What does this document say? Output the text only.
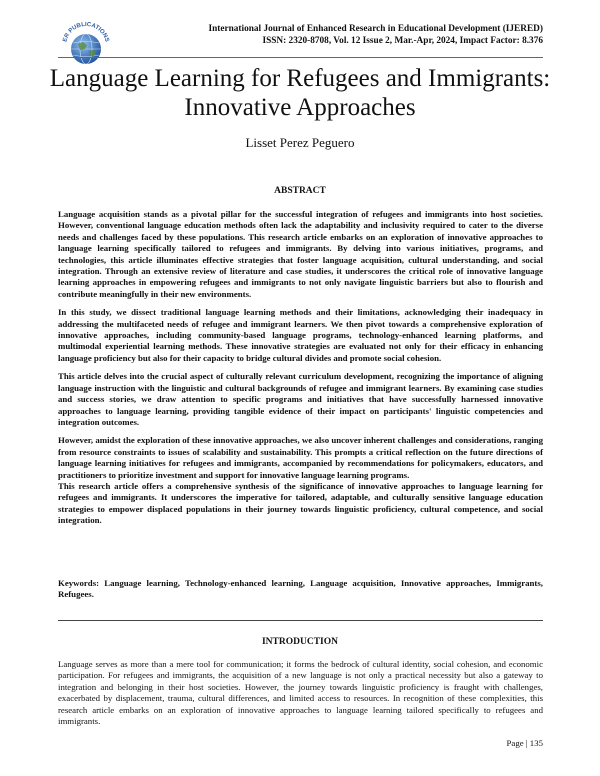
ER PUBLICATIONS
International Journal of Enhanced Research in Educational Development (IJERED)
ISSN: 2320-8708, Vol. 12 Issue 2, Mar.-Apr, 2024, Impact Factor: 8.376
Language Learning for Refugees and Immigrants:
Innovative Approaches
Lisset Perez Peguero
ABSTRACT

Language acquisition stands as a pivotal pillar for the successful integration of refugees and immigrants into host societies. However, conventional language education methods often lack the adaptability and inclusivity required to cater to the diverse needs and challenges faced by these populations. This research article embarks on an exploration of innovative approaches to language learning specifically tailored to refugees and immigrants. By delving into various initiatives, programs, and technologies, this article illuminates effective strategies that foster language acquisition, cultural understanding, and social integration. Through an extensive review of literature and case studies, it underscores the critical role of innovative language learning approaches in empowering refugees and immigrants to not only navigate linguistic barriers but also to flourish and contribute meaningfully in their new environments.

In this study, we dissect traditional language learning methods and their limitations, acknowledging their inadequacy in addressing the multifaceted needs of refugee and immigrant learners. We then pivot towards a comprehensive exploration of innovative approaches, including community-based language programs, technology-enhanced learning platforms, and multimodal experiential learning methods. These innovative strategies are evaluated not only for their efficacy in enhancing language proficiency but also for their capacity to bridge cultural divides and promote social cohesion.

This article delves into the crucial aspect of culturally relevant curriculum development, recognizing the importance of aligning language instruction with the linguistic and cultural backgrounds of refugee and immigrant learners. By examining case studies and success stories, we draw attention to specific programs and initiatives that have successfully harnessed innovative approaches to language learning, providing tangible evidence of their impact on participants' linguistic competencies and integration outcomes.

However, amidst the exploration of these innovative approaches, we also uncover inherent challenges and considerations, ranging from resource constraints to issues of scalability and sustainability. This prompts a critical reflection on the future directions of language learning initiatives for refugees and immigrants, accompanied by recommendations for policymakers, educators, and practitioners to prioritize investment and support for innovative language learning programs.

This research article offers a comprehensive synthesis of the significance of innovative approaches to language learning for refugees and immigrants. It underscores the imperative for tailored, adaptable, and culturally sensitive language education strategies to empower displaced populations in their journey towards linguistic proficiency, cultural competence, and social integration.

Keywords: Language learning, Technology-enhanced learning, Language acquisition, Innovative approaches, Immigrants, Refugees.
INTRODUCTION

Language serves as more than a mere tool for communication; it forms the bedrock of cultural identity, social cohesion, and economic participation. For refugees and immigrants, the acquisition of a new language is not only a practical necessity but also a gateway to integration and belonging in their host societies. However, the journey towards linguistic proficiency is fraught with challenges, exacerbated by displacement, trauma, cultural differences, and limited access to resources. In recognition of these complexities, this research article embarks on an exploration of innovative approaches to language learning tailored specifically to refugees and immigrants.

Page | 135
